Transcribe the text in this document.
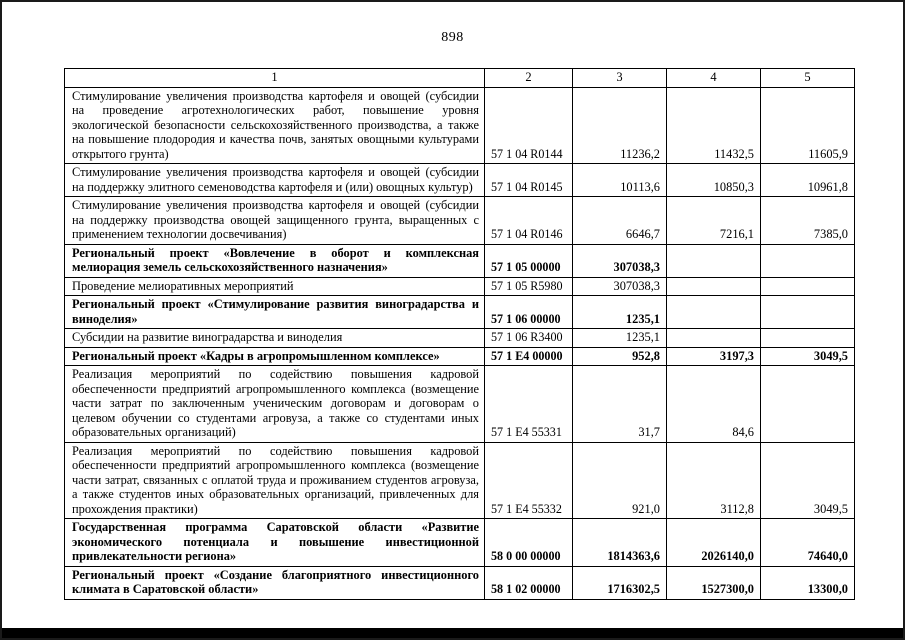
898
1	2	3	4	5
Стимулирование увеличения производства картофеля и овощей (субсидии на проведение агротехнологических работ, повышение уровня экологической безопасности сельскохозяйственного производства, а также на повышение плодородия и качества почв, занятых овощными культурами открытого грунта)	57 1 04 R0144	11236,2	11432,5	11605,9
Стимулирование увеличения производства картофеля и овощей (субсидии на поддержку элитного семеноводства картофеля и (или) овощных культур)	57 1 04 R0145	10113,6	10850,3	10961,8
Стимулирование увеличения производства картофеля и овощей (субсидии на поддержку производства овощей защищенного грунта, выращенных с применением технологии досвечивания)	57 1 04 R0146	6646,7	7216,1	7385,0
Региональный проект «Вовлечение в оборот и комплексная мелиорация земель сельскохозяйственного назначения»	57 1 05 00000	307038,3		
Проведение мелиоративных мероприятий	57 1 05 R5980	307038,3		
Региональный проект «Стимулирование развития виноградарства и виноделия»	57 1 06 00000	1235,1		
Субсидии на развитие виноградарства и виноделия	57 1 06 R3400	1235,1		
Региональный проект «Кадры в агропромышленном комплексе»	57 1 E4 00000	952,8	3197,3	3049,5
Реализация мероприятий по содействию повышения кадровой обеспеченности предприятий агропромышленного комплекса (возмещение части затрат по заключенным ученическим договорам и договорам о целевом обучении со студентами агровуза, а также со студентами иных образовательных организаций)	57 1 E4 55331	31,7	84,6	
Реализация мероприятий по содействию повышения кадровой обеспеченности предприятий агропромышленного комплекса (возмещение части затрат, связанных с оплатой труда и проживанием студентов агровуза, а также студентов иных образовательных организаций, привлеченных для прохождения практики)	57 1 E4 55332	921,0	3112,8	3049,5
Государственная программа Саратовской области «Развитие экономического потенциала и повышение инвестиционной привлекательности региона»	58 0 00 00000	1814363,6	2026140,0	74640,0
Региональный проект «Создание благоприятного инвестиционного климата в Саратовской области»	58 1 02 00000	1716302,5	1527300,0	13300,0
